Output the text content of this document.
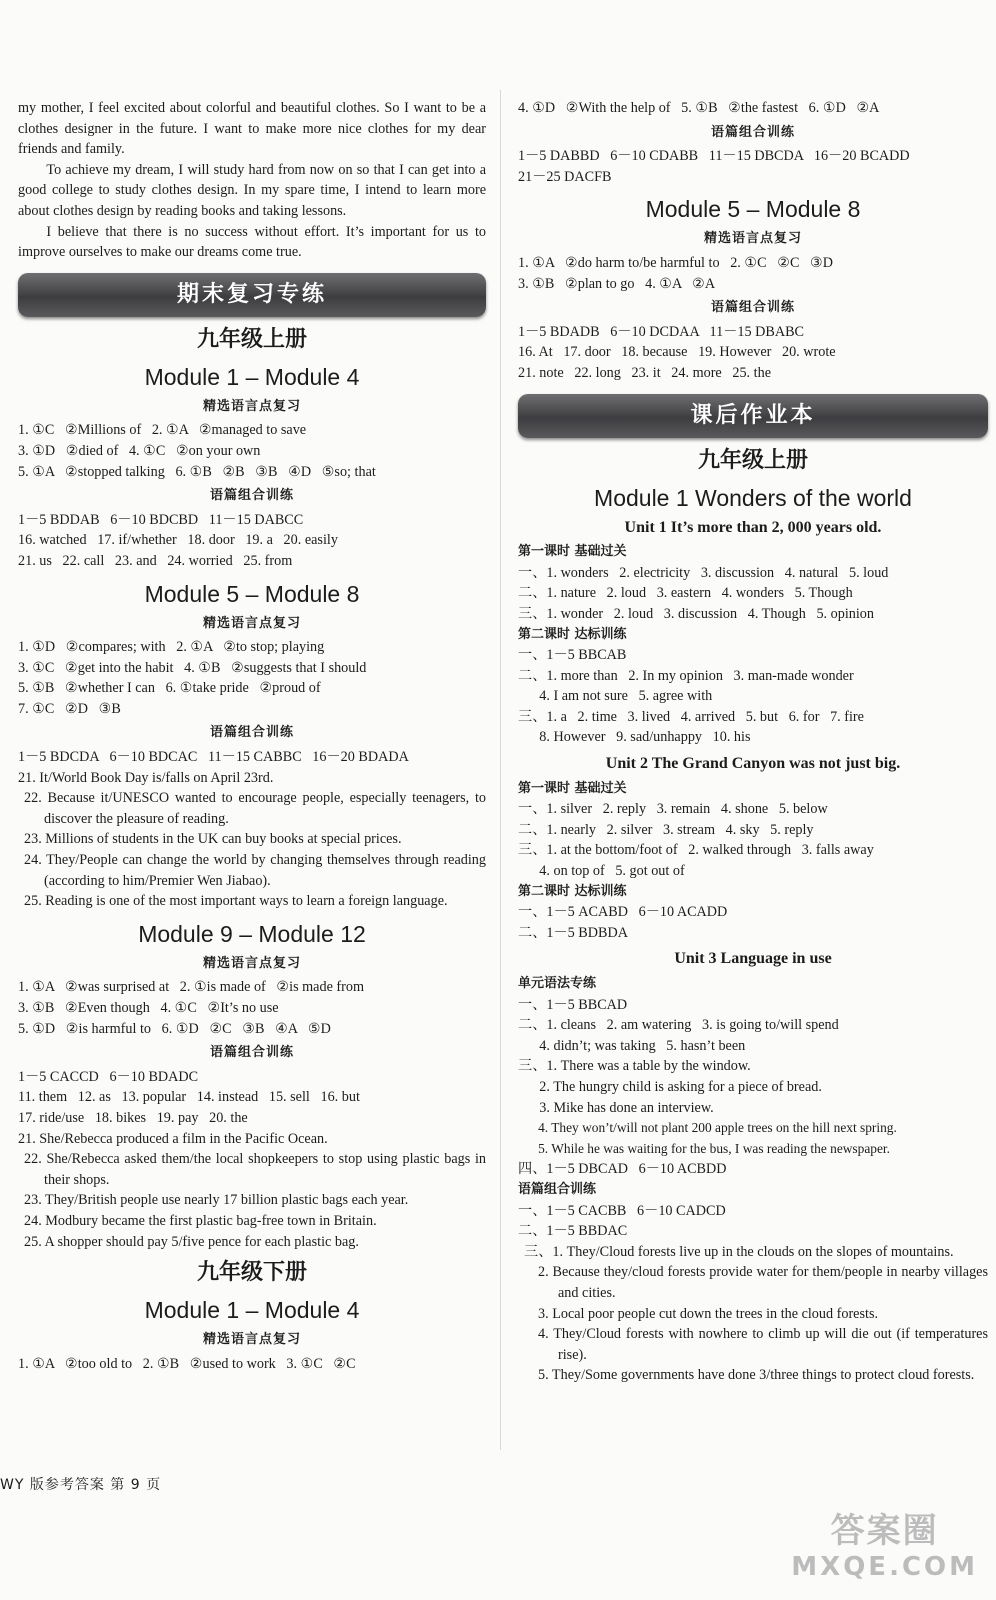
my mother, I feel excited about colorful and beautiful clothes. So I want to be a clothes designer in the future. I want to make more nice clothes for my dear friends and family.

To achieve my dream, I will study hard from now on so that I can get into a good college to study clothes design. In my spare time, I intend to learn more about clothes design by reading books and taking lessons.

I believe that there is no success without effort. It’s important for us to improve ourselves to make our dreams come true.

期末复习专练
九年级上册
Module 1 – Module 4
精选语言点复习
1. ①C   ②Millions of   2. ①A   ②managed to save
3. ①D   ②died of   4. ①C   ②on your own
5. ①A   ②stopped talking   6. ①B   ②B   ③B   ④D   ⑤so; that
语篇组合训练
1－5 BDDAB   6－10 BDCBD   11－15 DABCC
16. watched   17. if/whether   18. door   19. a   20. easily
21. us   22. call   23. and   24. worried   25. from
Module 5 – Module 8
精选语言点复习
1. ①D   ②compares; with   2. ①A   ②to stop; playing
3. ①C   ②get into the habit   4. ①B   ②suggests that I should
5. ①B   ②whether I can   6. ①take pride   ②proud of
7. ①C   ②D   ③B
语篇组合训练
1－5 BDCDA   6－10 BDCAC   11－15 CABBC   16－20 BDADA
21. It/World Book Day is/falls on April 23rd.
22. Because it/UNESCO wanted to encourage people, especially teenagers, to discover the pleasure of reading.
23. Millions of students in the UK can buy books at special prices.
24. They/People can change the world by changing themselves through reading (according to him/Premier Wen Jiabao).
25. Reading is one of the most important ways to learn a foreign language.
Module 9 – Module 12
精选语言点复习
1. ①A   ②was surprised at   2. ①is made of   ②is made from
3. ①B   ②Even though   4. ①C   ②It’s no use
5. ①D   ②is harmful to   6. ①D   ②C   ③B   ④A   ⑤D
语篇组合训练
1－5 CACCD   6－10 BDADC
11. them   12. as   13. popular   14. instead   15. sell   16. but
17. ride/use   18. bikes   19. pay   20. the
21. She/Rebecca produced a film in the Pacific Ocean.
22. She/Rebecca asked them/the local shopkeepers to stop using plastic bags in their shops.
23. They/British people use nearly 17 billion plastic bags each year.
24. Modbury became the first plastic bag-free town in Britain.
25. A shopper should pay 5/five pence for each plastic bag.
九年级下册
Module 1 – Module 4
精选语言点复习
1. ①A   ②too old to   2. ①B   ②used to work   3. ①C   ②C
4. ①D   ②With the help of   5. ①B   ②the fastest   6. ①D   ②A
语篇组合训练
1－5 DABBD   6－10 CDABB   11－15 DBCDA   16－20 BCADD
21－25 DACFB
Module 5 – Module 8
精选语言点复习
1. ①A   ②do harm to/be harmful to   2. ①C   ②C   ③D
3. ①B   ②plan to go   4. ①A   ②A
语篇组合训练
1－5 BDADB   6－10 DCDAA   11－15 DBABC
16. At   17. door   18. because   19. However   20. wrote
21. note   22. long   23. it   24. more   25. the
课后作业本
九年级上册
Module 1 Wonders of the world
Unit 1 It’s more than 2, 000 years old.
第一课时 基础过关
一、1. wonders   2. electricity   3. discussion   4. natural   5. loud
二、1. nature   2. loud   3. eastern   4. wonders   5. Though
三、1. wonder   2. loud   3. discussion   4. Though   5. opinion
第二课时 达标训练
一、1－5 BBCAB
二、1. more than   2. In my opinion   3. man-made wonder
4. I am not sure   5. agree with
三、1. a   2. time   3. lived   4. arrived   5. but   6. for   7. fire
8. However   9. sad/unhappy   10. his
Unit 2 The Grand Canyon was not just big.
第一课时 基础过关
一、1. silver   2. reply   3. remain   4. shone   5. below
二、1. nearly   2. silver   3. stream   4. sky   5. reply
三、1. at the bottom/foot of   2. walked through   3. falls away
4. on top of   5. got out of
第二课时 达标训练
一、1－5 ACABD   6－10 ACADD
二、1－5 BDBDA
Unit 3 Language in use
单元语法专练
一、1－5 BBCAD
二、1. cleans   2. am watering   3. is going to/will spend
4. didn’t; was taking   5. hasn’t been
三、1. There was a table by the window.
2. The hungry child is asking for a piece of bread.
3. Mike has done an interview.
4. They won’t/will not plant 200 apple trees on the hill next spring.
5. While he was waiting for the bus, I was reading the newspaper.
四、1－5 DBCAD   6－10 ACBDD
语篇组合训练
一、1－5 CACBB   6－10 CADCD
二、1－5 BBDAC
三、1. They/Cloud forests live up in the clouds on the slopes of mountains.
2. Because they/cloud forests provide water for them/people in nearby villages and cities.
3. Local poor people cut down the trees in the cloud forests.
4. They/Cloud forests with nowhere to climb up will die out (if temperatures rise).
5. They/Some governments have done 3/three things to protect cloud forests.
WY 版参考答案 第 9 页
答案圈
MXQE.COM
